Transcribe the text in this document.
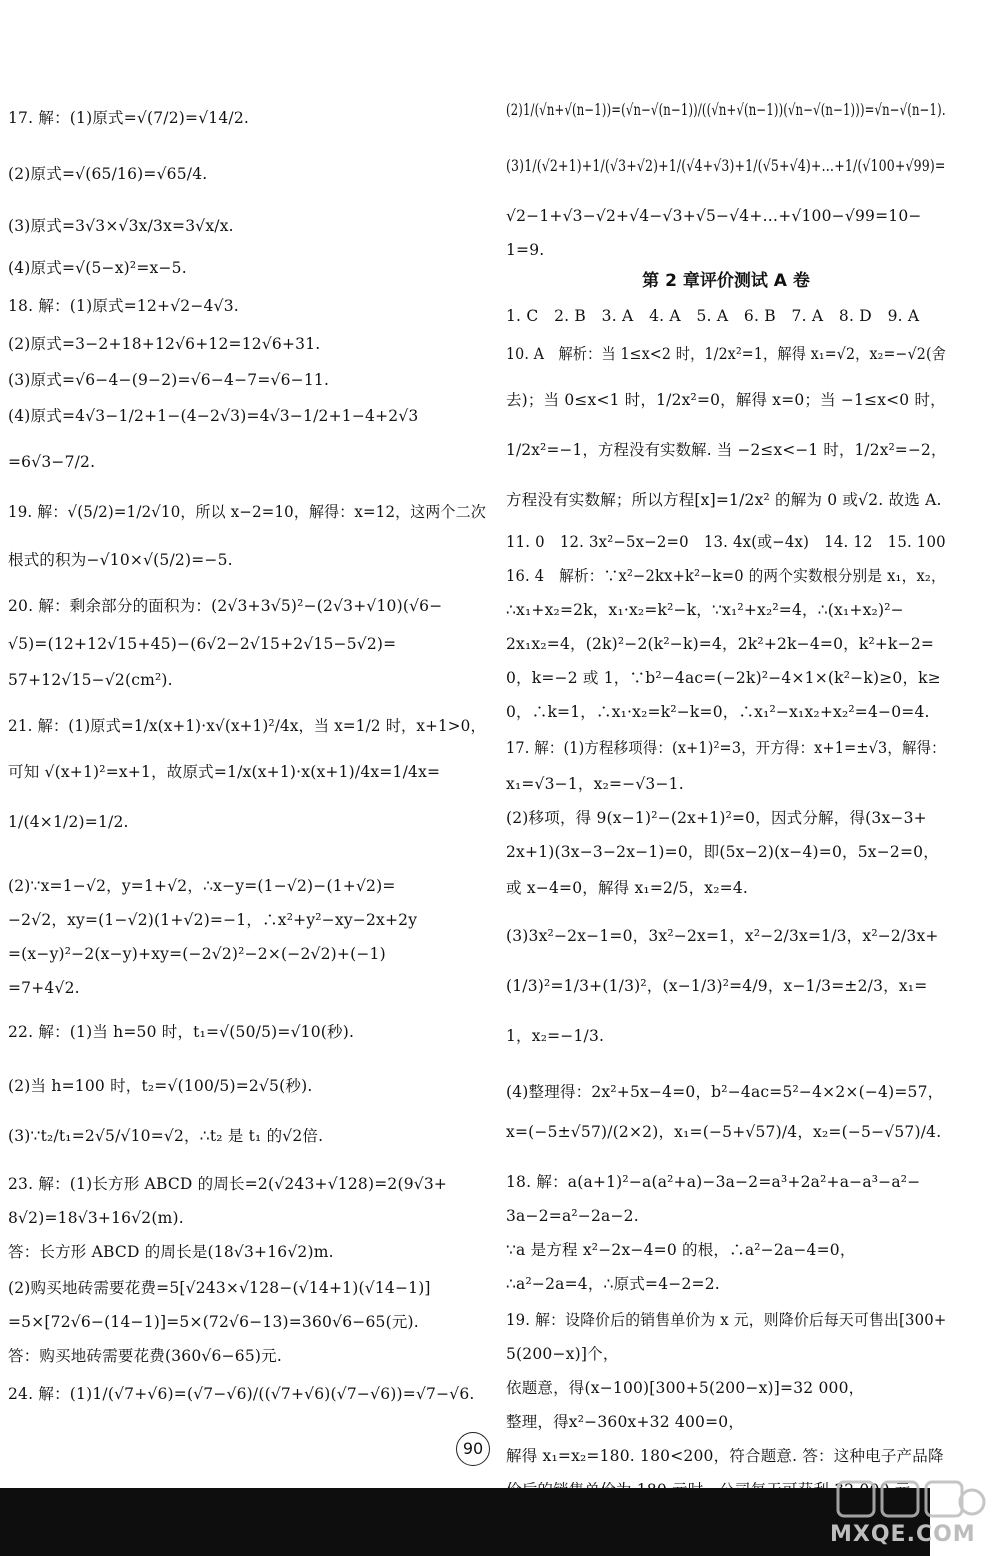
17. 解：(1)原式=√(7/2)=√14/2.
(2)原式=√(65/16)=√65/4.
(3)原式=3√3×√3x/3x=3√x/x.
(4)原式=√(5−x)²=x−5.
18. 解：(1)原式=12+√2−4√3.
(2)原式=3−2+18+12√6+12=12√6+31.
(3)原式=√6−4−(9−2)=√6−4−7=√6−11.
(4)原式=4√3−1/2+1−(4−2√3)=4√3−1/2+1−4+2√3
=6√3−7/2.
19. 解：√(5/2)=1/2√10，所以 x−2=10，解得：x=12，这两个二次
根式的积为−√10×√(5/2)=−5.
20. 解：剩余部分的面积为：(2√3+3√5)²−(2√3+√10)(√6−
√5)=(12+12√15+45)−(6√2−2√15+2√15−5√2)=
57+12√15−√2(cm²).
21. 解：(1)原式=1/x(x+1)·x√(x+1)²/4x，当 x=1/2 时，x+1>0，
可知 √(x+1)²=x+1，故原式=1/x(x+1)·x(x+1)/4x=1/4x=
1/(4×1/2)=1/2.
(2)∵x=1−√2，y=1+√2，∴x−y=(1−√2)−(1+√2)=
−2√2，xy=(1−√2)(1+√2)=−1，∴x²+y²−xy−2x+2y
=(x−y)²−2(x−y)+xy=(−2√2)²−2×(−2√2)+(−1)
=7+4√2.
22. 解：(1)当 h=50 时，t₁=√(50/5)=√10(秒).
(2)当 h=100 时，t₂=√(100/5)=2√5(秒).
(3)∵t₂/t₁=2√5/√10=√2，∴t₂ 是 t₁ 的√2倍.
23. 解：(1)长方形 ABCD 的周长=2(√243+√128)=2(9√3+
8√2)=18√3+16√2(m).
答：长方形 ABCD 的周长是(18√3+16√2)m.
(2)购买地砖需要花费=5[√243×√128−(√14+1)(√14−1)]
=5×[72√6−(14−1)]=5×(72√6−13)=360√6−65(元).
答：购买地砖需要花费(360√6−65)元.
24. 解：(1)1/(√7+√6)=(√7−√6)/((√7+√6)(√7−√6))=√7−√6.
第 2 章评价测试 A 卷
(2)1/(√n+√(n−1))=(√n−√(n−1))/((√n+√(n−1))(√n−√(n−1)))=√n−√(n−1).
(3)1/(√2+1)+1/(√3+√2)+1/(√4+√3)+1/(√5+√4)+…+1/(√100+√99)=
√2−1+√3−√2+√4−√3+√5−√4+…+√100−√99=10−
1=9.
1. C　2. B　3. A　4. A　5. A　6. B　7. A　8. D　9. A
10. A　解析：当 1≤x<2 时，1/2x²=1，解得 x₁=√2，x₂=−√2(舍
去)；当 0≤x<1 时，1/2x²=0，解得 x=0；当 −1≤x<0 时，
1/2x²=−1，方程没有实数解. 当 −2≤x<−1 时，1/2x²=−2，
方程没有实数解；所以方程[x]=1/2x² 的解为 0 或√2. 故选 A.
11. 0　12. 3x²−5x−2=0　13. 4x(或−4x)　14. 12　15. 100
16. 4　解析：∵x²−2kx+k²−k=0 的两个实数根分别是 x₁，x₂，
∴x₁+x₂=2k，x₁·x₂=k²−k，∵x₁²+x₂²=4，∴(x₁+x₂)²−
2x₁x₂=4，(2k)²−2(k²−k)=4，2k²+2k−4=0，k²+k−2=
0，k=−2 或 1，∵b²−4ac=(−2k)²−4×1×(k²−k)≥0，k≥
0，∴k=1，∴x₁·x₂=k²−k=0，∴x₁²−x₁x₂+x₂²=4−0=4.
17. 解：(1)方程移项得：(x+1)²=3，开方得：x+1=±√3，解得：
x₁=√3−1，x₂=−√3−1.
(2)移项，得 9(x−1)²−(2x+1)²=0，因式分解，得(3x−3+
2x+1)(3x−3−2x−1)=0，即(5x−2)(x−4)=0，5x−2=0，
或 x−4=0，解得 x₁=2/5，x₂=4.
(3)3x²−2x−1=0，3x²−2x=1，x²−2/3x=1/3，x²−2/3x+
(1/3)²=1/3+(1/3)²，(x−1/3)²=4/9，x−1/3=±2/3，x₁=
1，x₂=−1/3.
(4)整理得：2x²+5x−4=0，b²−4ac=5²−4×2×(−4)=57，
x=(−5±√57)/(2×2)，x₁=(−5+√57)/4，x₂=(−5−√57)/4.
18. 解：a(a+1)²−a(a²+a)−3a−2=a³+2a²+a−a³−a²−
3a−2=a²−2a−2.
∵a 是方程 x²−2x−4=0 的根，∴a²−2a−4=0，
∴a²−2a=4，∴原式=4−2=2.
19. 解：设降价后的销售单价为 x 元，则降价后每天可售出[300+
5(200−x)]个，
依题意，得(x−100)[300+5(200−x)]=32 000，
整理，得x²−360x+32 400=0，
解得 x₁=x₂=180. 180<200，符合题意. 答：这种电子产品降
90
MXQE.COM
